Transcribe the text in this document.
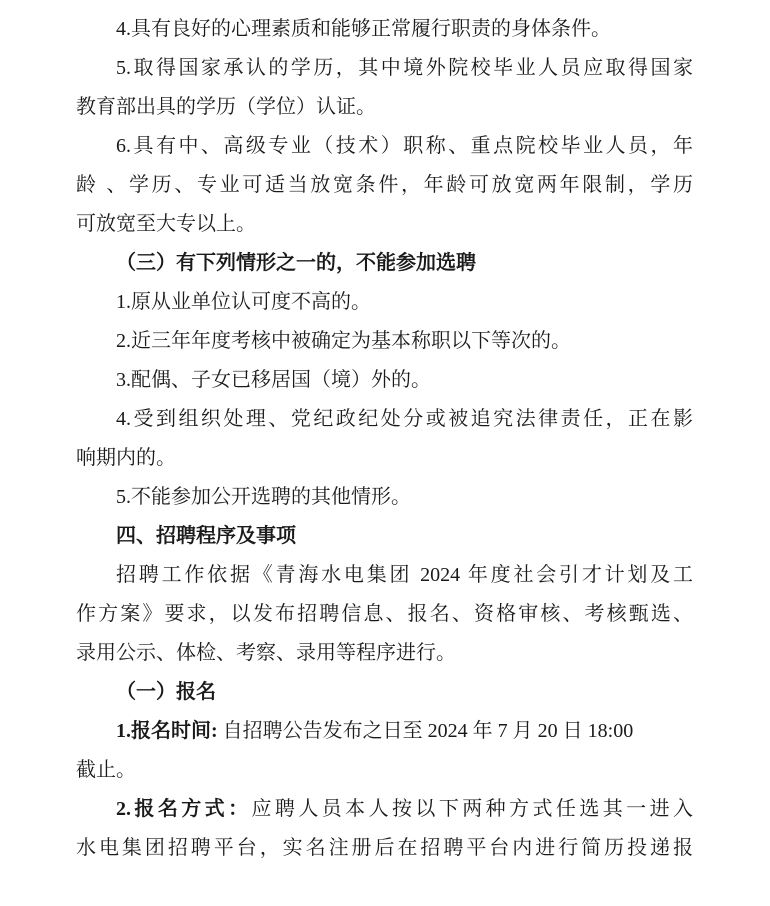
4.具有良好的心理素质和能够正常履行职责的身体条件。
5.取得国家承认的学历，其中境外院校毕业人员应取得国家
教育部出具的学历（学位）认证。
6.具有中、高级专业（技术）职称、重点院校毕业人员，年
龄 、学历、专业可适当放宽条件，年龄可放宽两年限制，学历
可放宽至大专以上。
（三）有下列情形之一的，不能参加选聘
1.原从业单位认可度不高的。
2.近三年年度考核中被确定为基本称职以下等次的。
3.配偶、子女已移居国（境）外的。
4.受到组织处理、党纪政纪处分或被追究法律责任，正在影
响期内的。
5.不能参加公开选聘的其他情形。
四、招聘程序及事项
招聘工作依据《青海水电集团 2024 年度社会引才计划及工
作方案》要求，以发布招聘信息、报名、资格审核、考核甄选、
录用公示、体检、考察、录用等程序进行。
（一）报名
1.报名时间: 自招聘公告发布之日至 2024 年 7 月 20 日 18:00
截止。
2.报名方式：应聘人员本人按以下两种方式任选其一进入
水电集团招聘平台，实名注册后在招聘平台内进行简历投递报
